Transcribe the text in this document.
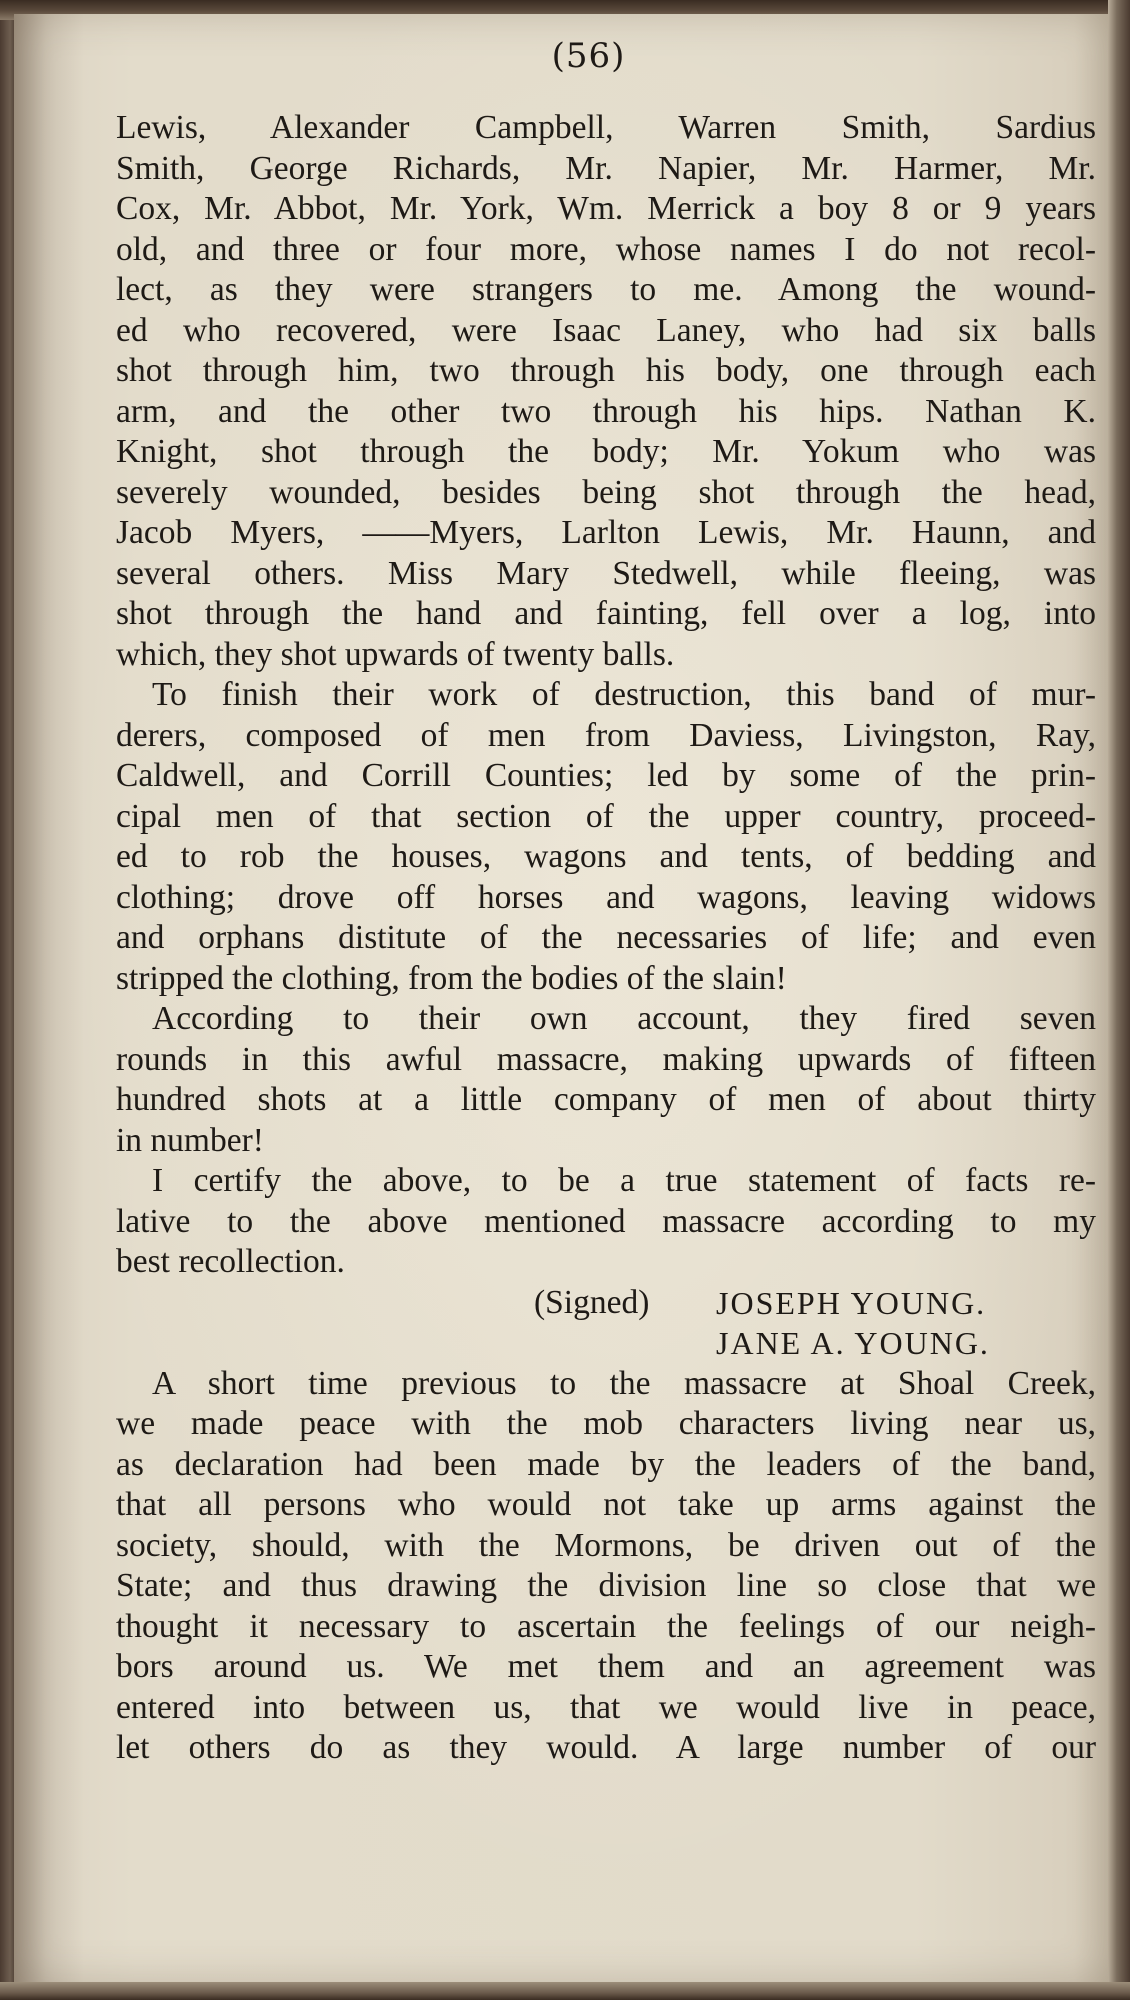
(56)
Lewis, Alexander Campbell, Warren Smith, Sardius
Smith, George Richards, Mr. Napier, Mr. Harmer, Mr.
Cox, Mr. Abbot, Mr. York, Wm. Merrick a boy 8 or 9 years
old, and three or four more, whose names I do not recol-
lect, as they were strangers to me. Among the wound-
ed who recovered, were Isaac Laney, who had six balls
shot through him, two through his body, one through each
arm, and the other two through his hips. Nathan K.
Knight, shot through the body; Mr. Yokum who was
severely wounded, besides being shot through the head,
Jacob Myers, ——Myers, Larlton Lewis, Mr. Haunn, and
several others. Miss Mary Stedwell, while fleeing, was
shot through the hand and fainting, fell over a log, into
which, they shot upwards of twenty balls.
To finish their work of destruction, this band of mur-
derers, composed of men from Daviess, Livingston, Ray,
Caldwell, and Corrill Counties; led by some of the prin-
cipal men of that section of the upper country, proceed-
ed to rob the houses, wagons and tents, of bedding and
clothing; drove off horses and wagons, leaving widows
and orphans distitute of the necessaries of life; and even
stripped the clothing, from the bodies of the slain!
According to their own account, they fired seven
rounds in this awful massacre, making upwards of fifteen
hundred shots at a little company of men of about thirty
in number!
I certify the above, to be a true statement of facts re-
lative to the above mentioned massacre according to my
best recollection.
(Signed) JOSEPH YOUNG.
JANE A. YOUNG.
A short time previous to the massacre at Shoal Creek,
we made peace with the mob characters living near us,
as declaration had been made by the leaders of the band,
that all persons who would not take up arms against the
society, should, with the Mormons, be driven out of the
State; and thus drawing the division line so close that we
thought it necessary to ascertain the feelings of our neigh-
bors around us. We met them and an agreement was
entered into between us, that we would live in peace,
let others do as they would. A large number of our
